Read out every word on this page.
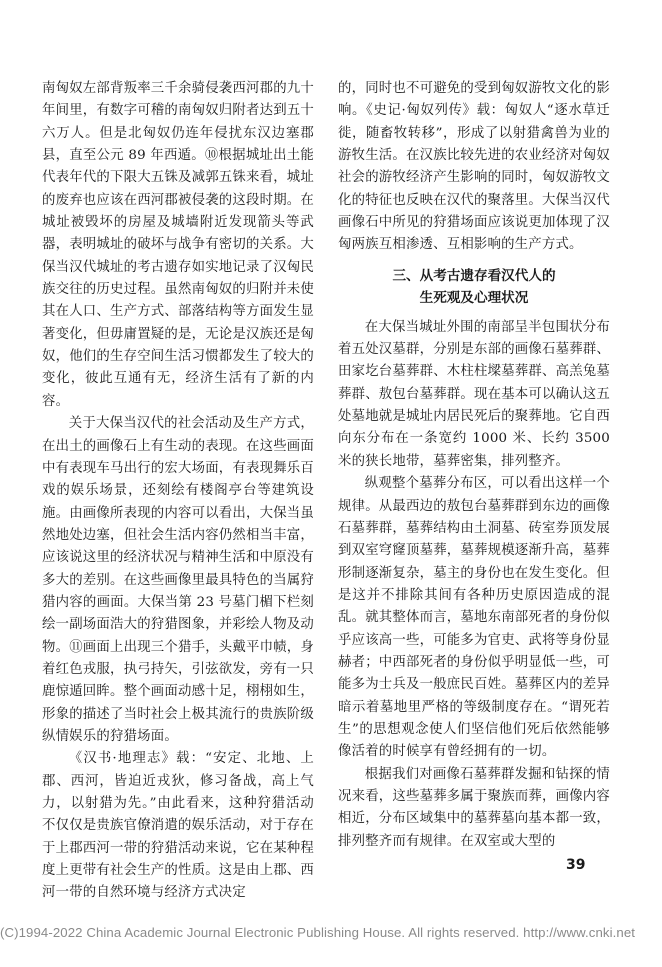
南匈奴左部背叛率三千余骑侵袭西河郡的九十年间里，有数字可稽的南匈奴归附者达到五十六万人。但是北匈奴仍连年侵扰东汉边塞郡县，直至公元 89 年西遁。⑩根据城址出土能代表年代的下限大五铢及减郭五铢来看，城址的废弃也应该在西河郡被侵袭的这段时期。在城址被毁坏的房屋及城墙附近发现箭头等武器，表明城址的破坏与战争有密切的关系。大保当汉代城址的考古遗存如实地记录了汉匈民族交往的历史过程。虽然南匈奴的归附并未使其在人口、生产方式、部落结构等方面发生显著变化，但毋庸置疑的是，无论是汉族还是匈奴，他们的生存空间生活习惯都发生了较大的变化，彼此互通有无，经济生活有了新的内容。

关于大保当汉代的社会活动及生产方式，在出土的画像石上有生动的表现。在这些画面中有表现车马出行的宏大场面，有表现舞乐百戏的娱乐场景，还刻绘有楼阁亭台等建筑设施。由画像所表现的内容可以看出，大保当虽然地处边塞，但社会生活内容仍然相当丰富，应该说这里的经济状况与精神生活和中原没有多大的差别。在这些画像里最具特色的当属狩猎内容的画面。大保当第 23 号墓门楣下栏刻绘一副场面浩大的狩猎图象，并彩绘人物及动物。⑪画面上出现三个猎手，头戴平巾帻，身着红色戎服，执弓持矢，引弦欲发，旁有一只鹿惊遁回眸。整个画面动感十足，栩栩如生，形象的描述了当时社会上极其流行的贵族阶级纵情娱乐的狩猎场面。

《汉书·地理志》载：“安定、北地、上郡、西河，皆迫近戎狄，修习备战，高上气力，以射猎为先。”由此看来，这种狩猎活动不仅仅是贵族官僚消遣的娱乐活动，对于存在于上郡西河一带的狩猎活动来说，它在某种程度上更带有社会生产的性质。这是由上郡、西河一带的自然环境与经济方式决定

的，同时也不可避免的受到匈奴游牧文化的影响。《史记·匈奴列传》载：匈奴人“逐水草迁徙，随畜牧转移”，形成了以射猎禽兽为业的游牧生活。在汉族比较先进的农业经济对匈奴社会的游牧经济产生影响的同时，匈奴游牧文化的特征也反映在汉代的聚落里。大保当汉代画像石中所见的狩猎场面应该说更加体现了汉匈两族互相渗透、互相影响的生产方式。

三、从考古遗存看汉代人的

生死观及心理状况

在大保当城址外围的南部呈半包围状分布着五处汉墓群，分别是东部的画像石墓葬群、田家圪台墓葬群、木柱柱墚墓葬群、高羔兔墓葬群、敖包台墓葬群。现在基本可以确认这五处墓地就是城址内居民死后的聚葬地。它自西向东分布在一条宽约 1000 米、长约 3500 米的狭长地带，墓葬密集，排列整齐。

纵观整个墓葬分布区，可以看出这样一个规律。从最西边的敖包台墓葬群到东边的画像石墓葬群，墓葬结构由土洞墓、砖室券顶发展到双室穹窿顶墓葬，墓葬规模逐渐升高，墓葬形制逐渐复杂，墓主的身份也在发生变化。但是这并不排除其间有各种历史原因造成的混乱。就其整体而言，墓地东南部死者的身份似乎应该高一些，可能多为官吏、武将等身份显赫者；中西部死者的身份似乎明显低一些，可能多为士兵及一般庶民百姓。墓葬区内的差异暗示着墓地里严格的等级制度存在。“谓死若生”的思想观念使人们坚信他们死后依然能够像活着的时候享有曾经拥有的一切。

根据我们对画像石墓葬群发掘和钻探的情况来看，这些墓葬多属于聚族而葬，画像内容相近，分布区域集中的墓葬墓向基本都一致，排列整齐而有规律。在双室或大型的

39
(C)1994-2022 China Academic Journal Electronic Publishing House. All rights reserved. http://www.cnki.net
